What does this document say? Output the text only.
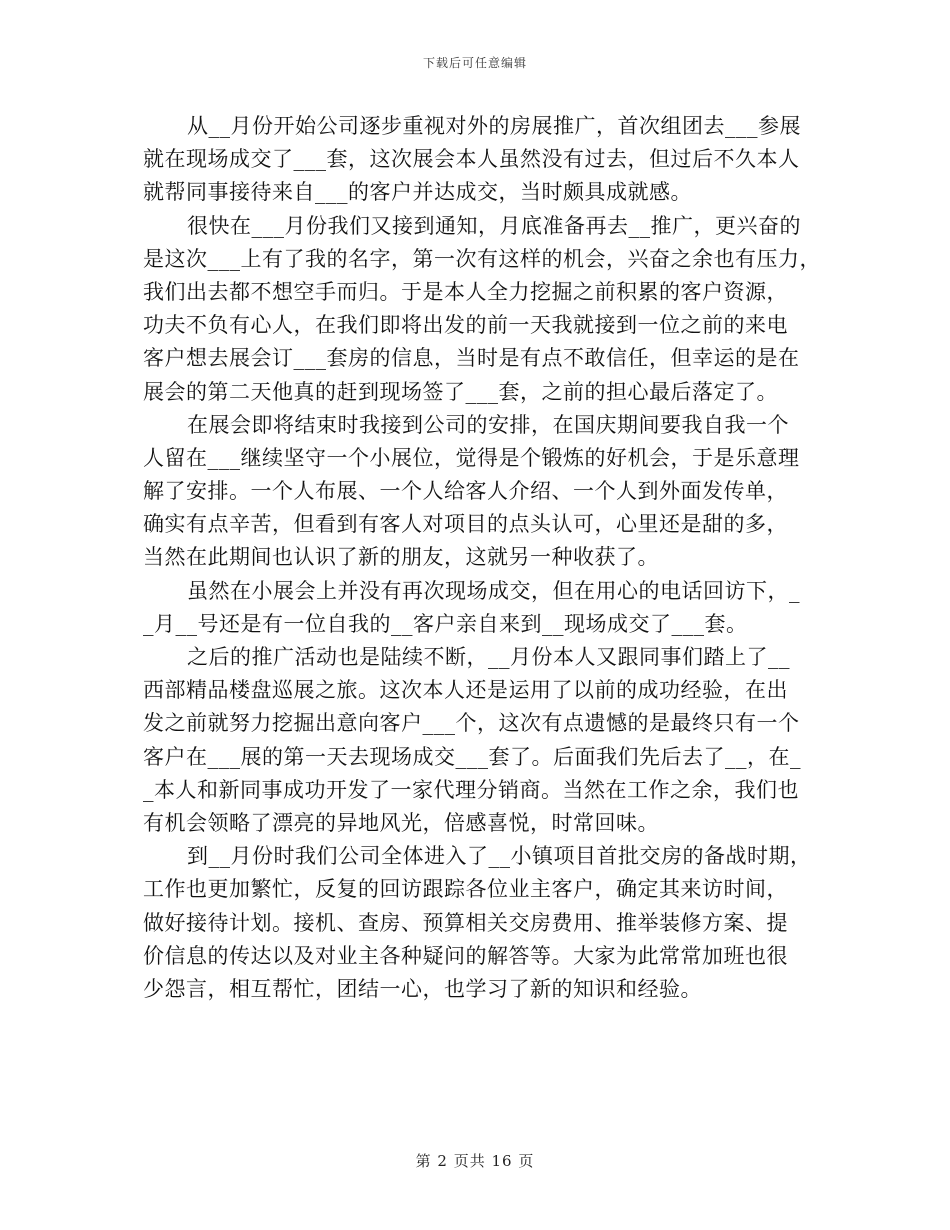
下载后可任意编辑
从__月份开始公司逐步重视对外的房展推广，首次组团去___参展
就在现场成交了___套，这次展会本人虽然没有过去，但过后不久本人
就帮同事接待来自___的客户并达成交，当时颇具成就感。
很快在___月份我们又接到通知，月底准备再去__推广，更兴奋的
是这次___上有了我的名字，第一次有这样的机会，兴奋之余也有压力，
我们出去都不想空手而归。于是本人全力挖掘之前积累的客户资源，
功夫不负有心人，在我们即将出发的前一天我就接到一位之前的来电
客户想去展会订___套房的信息，当时是有点不敢信任，但幸运的是在
展会的第二天他真的赶到现场签了___套，之前的担心最后落定了。
在展会即将结束时我接到公司的安排，在国庆期间要我自我一个
人留在___继续坚守一个小展位，觉得是个锻炼的好机会，于是乐意理
解了安排。一个人布展、一个人给客人介绍、一个人到外面发传单，
确实有点辛苦，但看到有客人对项目的点头认可，心里还是甜的多，
当然在此期间也认识了新的朋友，这就另一种收获了。
虽然在小展会上并没有再次现场成交，但在用心的电话回访下，_
_月__号还是有一位自我的__客户亲自来到__现场成交了___套。
之后的推广活动也是陆续不断，__月份本人又跟同事们踏上了__
西部精品楼盘巡展之旅。这次本人还是运用了以前的成功经验，在出
发之前就努力挖掘出意向客户___个，这次有点遗憾的是最终只有一个
客户在___展的第一天去现场成交___套了。后面我们先后去了__，在_
_本人和新同事成功开发了一家代理分销商。当然在工作之余，我们也
有机会领略了漂亮的异地风光，倍感喜悦，时常回味。
到__月份时我们公司全体进入了__小镇项目首批交房的备战时期，
工作也更加繁忙，反复的回访跟踪各位业主客户，确定其来访时间，
做好接待计划。接机、查房、预算相关交房费用、推举装修方案、提
价信息的传达以及对业主各种疑问的解答等。大家为此常常加班也很
少怨言，相互帮忙，团结一心，也学习了新的知识和经验。
第 2 页共 16 页
